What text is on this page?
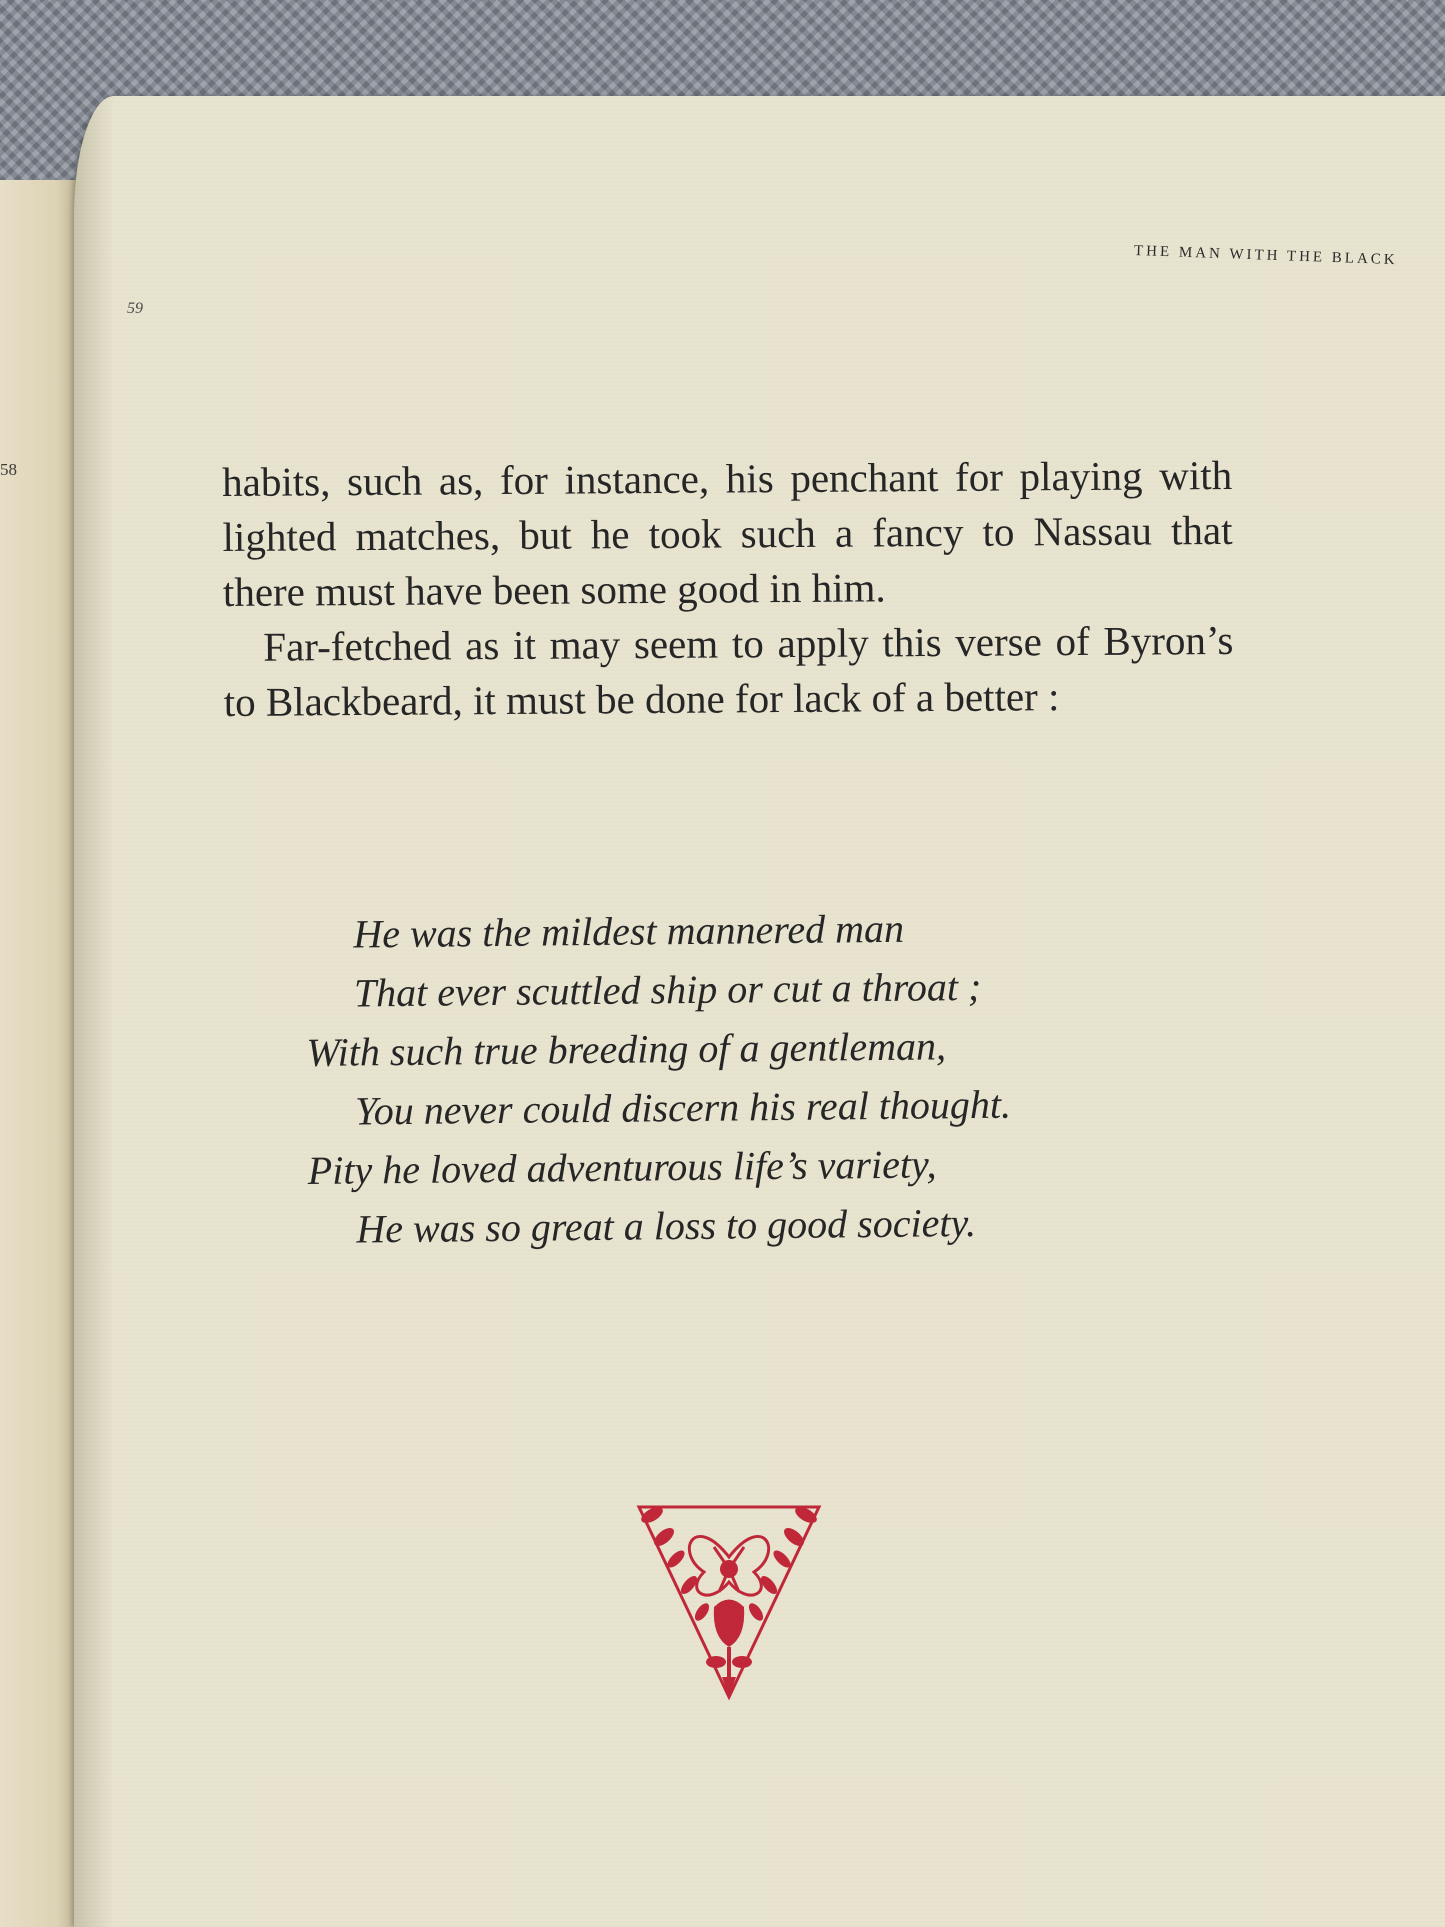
58
THE MAN WITH THE BLACK
59

habits, such as, for instance, his penchant for playing with lighted matches, but he took such a fancy to Nassau that there must have been some good in him.

Far-fetched as it may seem to apply this verse of Byron’s to Blackbeard, it must be done for lack of a better :

He was the mildest mannered man
That ever scuttled ship or cut a throat ;
With such true breeding of a gentleman,
You never could discern his real thought.
Pity he loved adventurous life’s variety,
He was so great a loss to good society.
